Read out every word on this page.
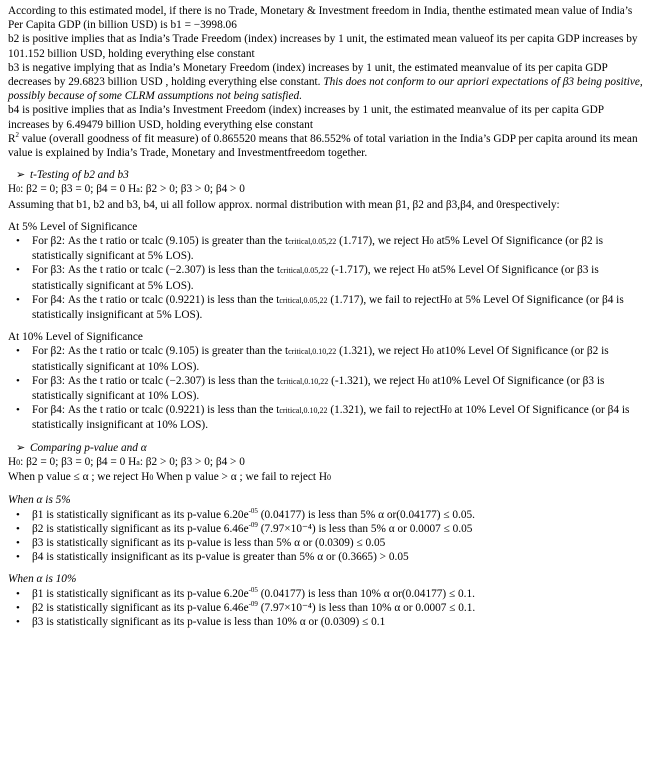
According to this estimated model, if there is no Trade, Monetary & Investment freedom in India, thenthe estimated mean value of India’s Per Capita GDP (in billion USD) is b1 = −3998.06

b2 is positive implies that as India’s Trade Freedom (index) increases by 1 unit, the estimated mean valueof its per capita GDP increases by 101.152 billion USD, holding everything else constant

b3 is negative implying that as India’s Monetary Freedom (index) increases by 1 unit, the estimated meanvalue of its per capita GDP decreases by 29.6823 billion USD , holding everything else constant. This does not conform to our apriori expectations of β3 being positive, possibly because of some CLRM assumptions not being satisfied.

b4 is positive implies that as India’s Investment Freedom (index) increases by 1 unit, the estimated meanvalue of its per capita GDP increases by 6.49479 billion USD, holding everything else constant

$R^2$ value (overall goodness of fit measure) of 0.865520 means that 86.552% of total variation in the India’s GDP per capita around its mean value is explained by India’s Trade, Monetary and Investmentfreedom together.

➢ t-Testing of b2 and b3

H0: β2 = 0; β3 = 0; β4 = 0 Ha: β2 > 0; β3 > 0; β4 > 0

Assuming that b1, b2 and b3, b4, ui all follow approx. normal distribution with mean β1, β2 and β3,β4, and 0respectively:

At 5% Level of Significance

• For β2: As the t ratio or tcalc (9.105) is greater than the tcritical,0.05,22 (1.717), we reject H0 at5% Level Of Significance (or β2 is statistically significant at 5% LOS).
• For β3: As the t ratio or tcalc (−2.307) is less than the tcritical,0.05,22 (-1.717), we reject H0 at5% Level Of Significance (or β3 is statistically significant at 5% LOS).
• For β4: As the t ratio or tcalc (0.9221) is less than the tcritical,0.05,22 (1.717), we fail to rejectH0 at 5% Level Of Significance (or β4 is statistically insignificant at 5% LOS).

At 10% Level of Significance

• For β2: As the t ratio or tcalc (9.105) is greater than the tcritical,0.10,22 (1.321), we reject H0 at10% Level Of Significance (or β2 is statistically significant at 10% LOS).
• For β3: As the t ratio or tcalc (−2.307) is less than the tcritical,0.10,22 (-1.321), we reject H0 at10% Level Of Significance (or β3 is statistically significant at 10% LOS).
• For β4: As the t ratio or tcalc (0.9221) is less than the tcritical,0.10,22 (1.321), we fail to rejectH0 at 10% Level Of Significance (or β4 is statistically insignificant at 10% LOS).
➢ Comparing p-value and α

H0: β2 = 0; β3 = 0; β4 = 0 Ha: β2 > 0; β3 > 0; β4 > 0

When p value ≤ α ; we reject H0 When p value > α ; we fail to reject H0

When α is 5%

• β1 is statistically significant as its p-value $6.20e^{-05}$ (0.04177) is less than 5% α or(0.04177) ≤ 0.05.
• β2 is statistically significant as its p-value $6.46e^{-09}$ (7.97×10⁻⁴) is less than 5% α or 0.0007 ≤ 0.05
• β3 is statistically significant as its p-value is less than 5% α or (0.0309) ≤ 0.05
• β4 is statistically insignificant as its p-value is greater than 5% α or (0.3665) > 0.05

When α is 10%

• β1 is statistically significant as its p-value $6.20e^{-05}$ (0.04177) is less than 10% α or(0.04177) ≤ 0.1.
• β2 is statistically significant as its p-value $6.46e^{-09}$ (7.97×10⁻⁴) is less than 10% α or 0.0007 ≤ 0.1.
• β3 is statistically significant as its p-value is less than 10% α or (0.0309) ≤ 0.1
